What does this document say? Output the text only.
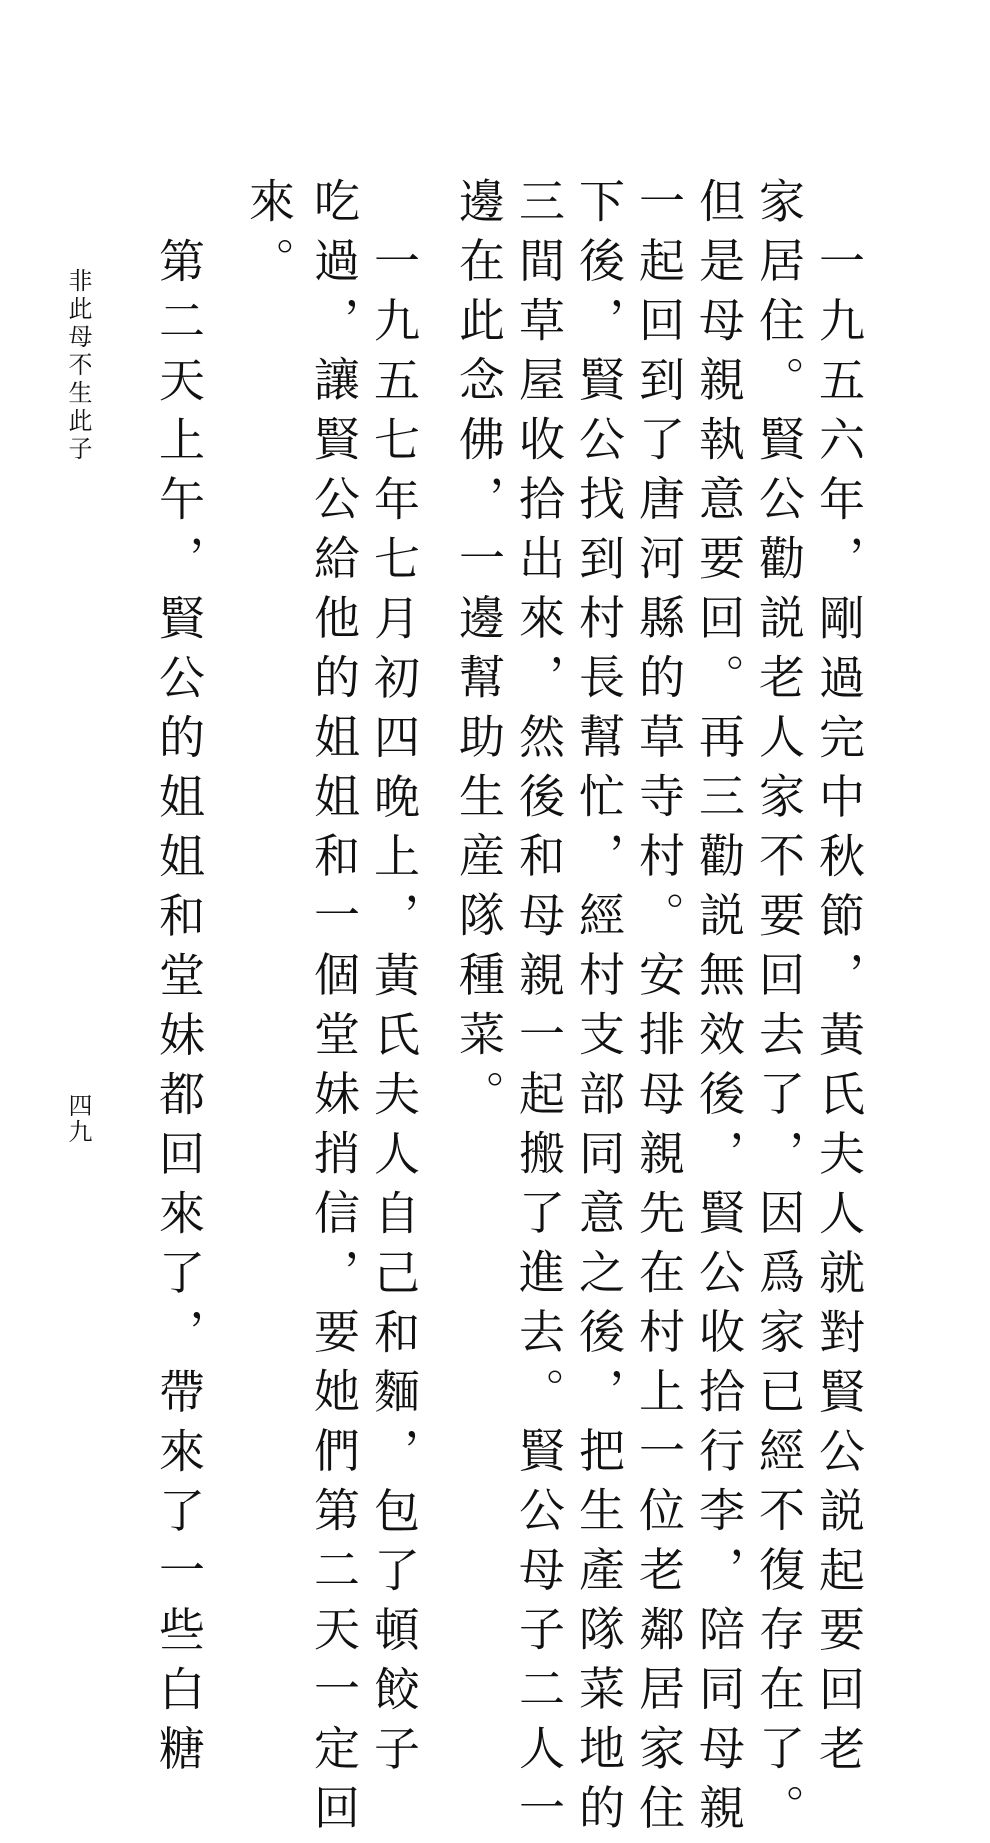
非此母不生此子
四九	一九五六年，剛過完中秋節，黃氏夫人就對賢公説起要回老
家居住。賢公勸説老人家不要回去了，因爲家已經不復存在了。
但是母親執意要回。再三勸説無效後，賢公收拾行李，陪同母親
一起回到了唐河縣的草寺村。安排母親先在村上一位老鄰居家住
下後，賢公找到村長幫忙，經村支部同意之後，把生產隊菜地的
三間草屋收拾出來，然後和母親一起搬了進去。賢公母子二人一
邊在此念佛，一邊幫助生産隊種菜。
一九五七年七月初四晚上，黃氏夫人自己和麵，包了頓餃子
吃過，讓賢公給他的姐姐和一個堂妹捎信，要她們第二天一定回
來。
第二天上午，賢公的姐姐和堂妹都回來了，帶來了一些白糖
